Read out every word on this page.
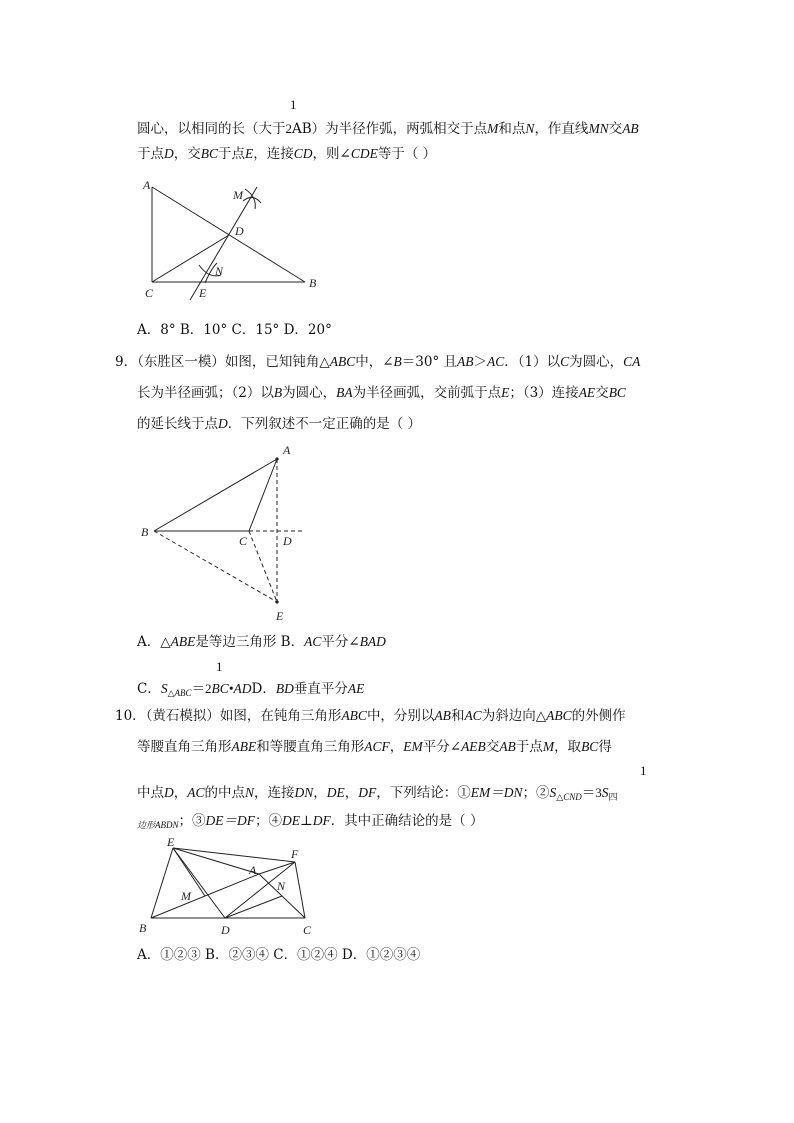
1
圆心，以相同的长（大于2AB）为半径作弧，两弧相交于点M和点N，作直线MN交AB
于点D，交BC于点E，连接CD，则∠CDE等于（ ）
A
M
D
N
C	E
B
A．8° B．10° C．15° D．20°
9．（东胜区一模）如图，已知钝角△ABC中，∠B＝30° 且AB＞AC．（1）以C为圆心，CA
长为半径画弧；（2）以B为圆心，BA为半径画弧，交前弧于点E；（3）连接AE交BC
的延长线于点D．下列叙述不一定正确的是（ ）
A
B
C	D
E
A．△ABE是等边三角形 B．AC平分∠BAD
1
C．$S_{\triangle ABC}=2BC•ADD$．BD垂直平分AE
10．（黄石模拟）如图，在钝角三角形ABC中，分别以AB和AC为斜边向△ABC的外侧作
等腰直角三角形ABE和等腰直角三角形ACF，EM平分∠AEB交AB于点M，取BC得
1
中点D，AC的中点N，连接DN，DE，DF，下列结论：①EM＝DN；$②S_{\triangle CND}=3S_四$
$_{边形ABDN}$；③DE＝DF；④DE⊥DF．其中正确结论的是（ ）
E
A
F
M
N
B	D	C
A．①②③ B．②③④ C．①②④ D．①②③④
